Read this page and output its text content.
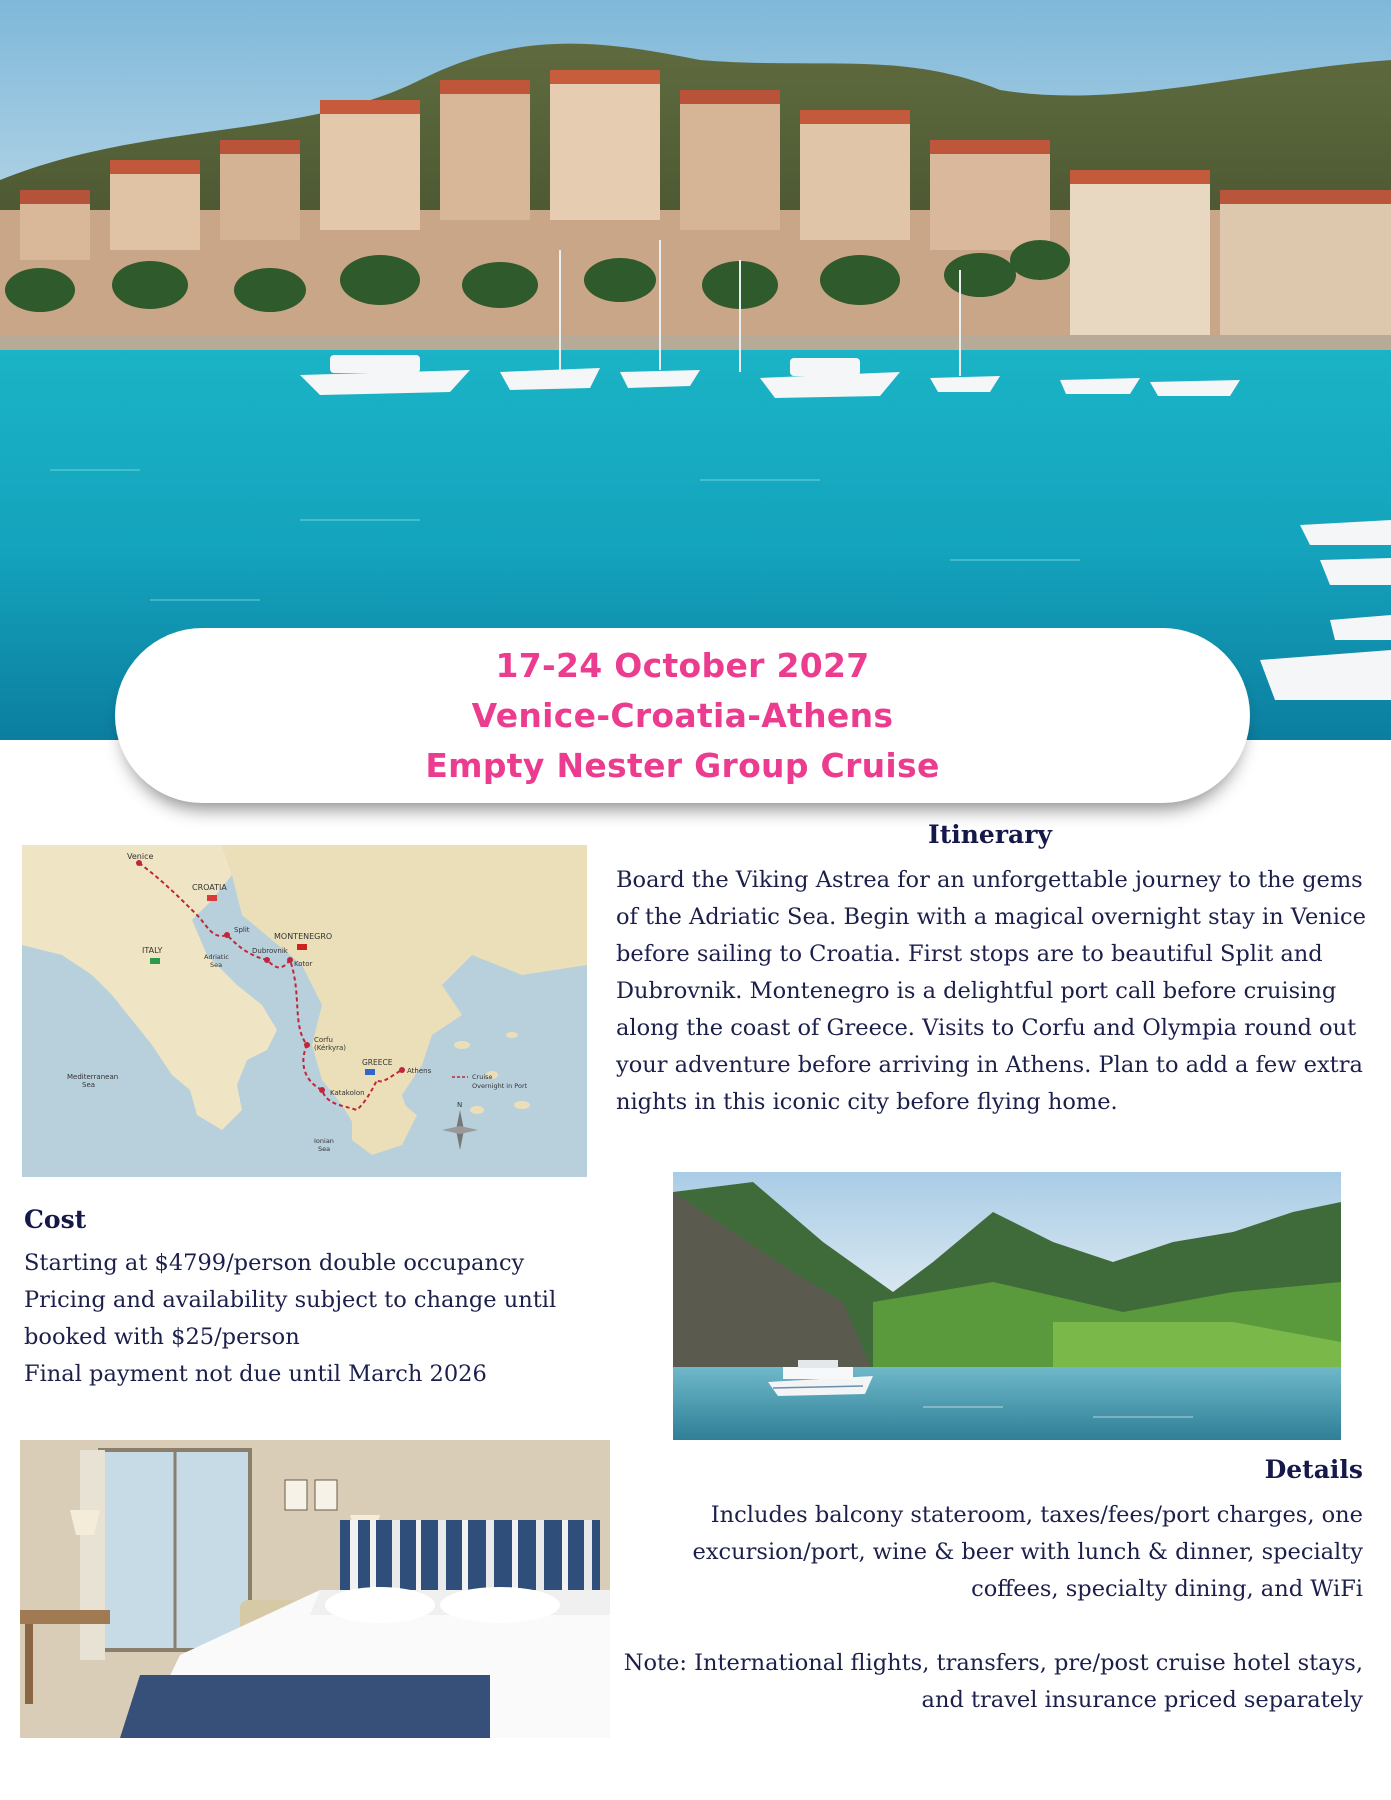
17-24 October 2027
Venice-Croatia-Athens
Empty Nester Group Cruise
Venice
CROATIA
Split
MONTENEGRO
ITALY
Adriatic
Sea
Dubrovnik
Kotor
Corfu
(Kérkyra)
GREECE
Mediterranean
Sea
Athens
Katakolon
Ionian
Sea
Cruise
Overnight in Port
N
Itinerary
Board the Viking Astrea for an unforgettable journey to the gems of the Adriatic Sea. Begin with a magical overnight stay in Venice before sailing to Croatia. First stops are to beautiful Split and Dubrovnik. Montenegro is a delightful port call before cruising along the coast of Greece. Visits to Corfu and Olympia round out your adventure before arriving in Athens. Plan to add a few extra nights in this iconic city before flying home.
Cost
Starting at $4799/person double occupancy
Pricing and availability subject to change until
booked with $25/person
Final payment not due until March 2026
Details
Includes balcony stateroom, taxes/fees/port charges, one excursion/port, wine & beer with lunch & dinner, specialty coffees, specialty dining, and WiFi
Note: International flights, transfers, pre/post cruise hotel stays, and travel insurance priced separately
